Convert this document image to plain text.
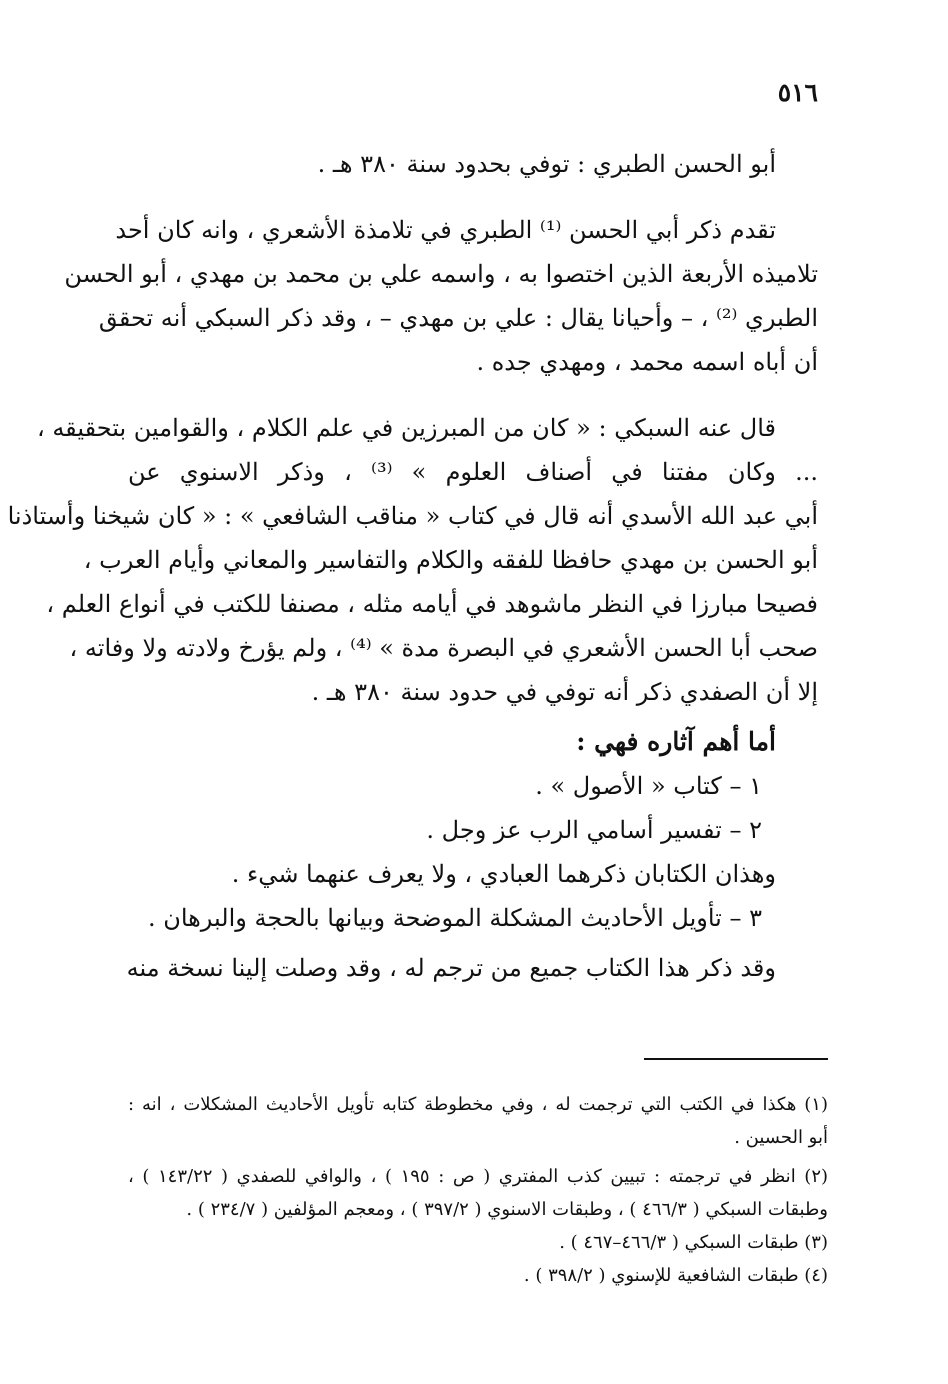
٥١٦
أبو الحسن الطبري : توفي بحدود سنة ٣٨٠ هـ .
تقدم ذكر أبي الحسن ⁽¹⁾ الطبري في تلامذة الأشعري ، وانه كان أحد
تلاميذه الأربعة الذين اختصوا به ، واسمه علي بن محمد بن مهدي ، أبو الحسن
الطبري ⁽²⁾ ، – وأحيانا يقال : علي بن مهدي – ، وقد ذكر السبكي أنه تحقق
أن أباه اسمه محمد ، ومهدي جده .
قال عنه السبكي : « كان من المبرزين في علم الكلام ، والقوامين بتحقيقه ،
... وكان مفتنا في أصناف العلوم » ⁽³⁾ ، وذكر الاسنوي عن
أبي عبد الله الأسدي أنه قال في كتاب « مناقب الشافعي » : « كان شيخنا وأستاذنا
أبو الحسن بن مهدي حافظا للفقه والكلام والتفاسير والمعاني وأيام العرب ،
فصيحا مبارزا في النظر ماشوهد في أيامه مثله ، مصنفا للكتب في أنواع العلم ،
صحب أبا الحسن الأشعري في البصرة مدة » ⁽⁴⁾ ، ولم يؤرخ ولادته ولا وفاته ،
إلا أن الصفدي ذكر أنه توفي في حدود سنة ٣٨٠ هـ .
أما أهم آثاره فهي :
١ – كتاب « الأصول » .
٢ – تفسير أسامي الرب عز وجل .
وهذان الكتابان ذكرهما العبادي ، ولا يعرف عنهما شيء .
٣ – تأويل الأحاديث المشكلة الموضحة وبيانها بالحجة والبرهان .
وقد ذكر هذا الكتاب جميع من ترجم له ، وقد وصلت إلينا نسخة منه
(١) هكذا في الكتب التي ترجمت له ، وفي مخطوطة كتابه تأويل الأحاديث المشكلات ، انه :
أبو الحسين .
(٢) انظر في ترجمته : تبيين كذب المفتري ( ص : ١٩٥ ) ، والوافي للصفدي ( ١٤٣/٢٢ ) ،
وطبقات السبكي ( ٤٦٦/٣ ) ، وطبقات الاسنوي ( ٣٩٧/٢ ) ، ومعجم المؤلفين ( ٢٣٤/٧ ) .
(٣) طبقات السبكي ( ٤٦٦/٣–٤٦٧ ) .
(٤) طبقات الشافعية للإسنوي ( ٣٩٨/٢ ) .
